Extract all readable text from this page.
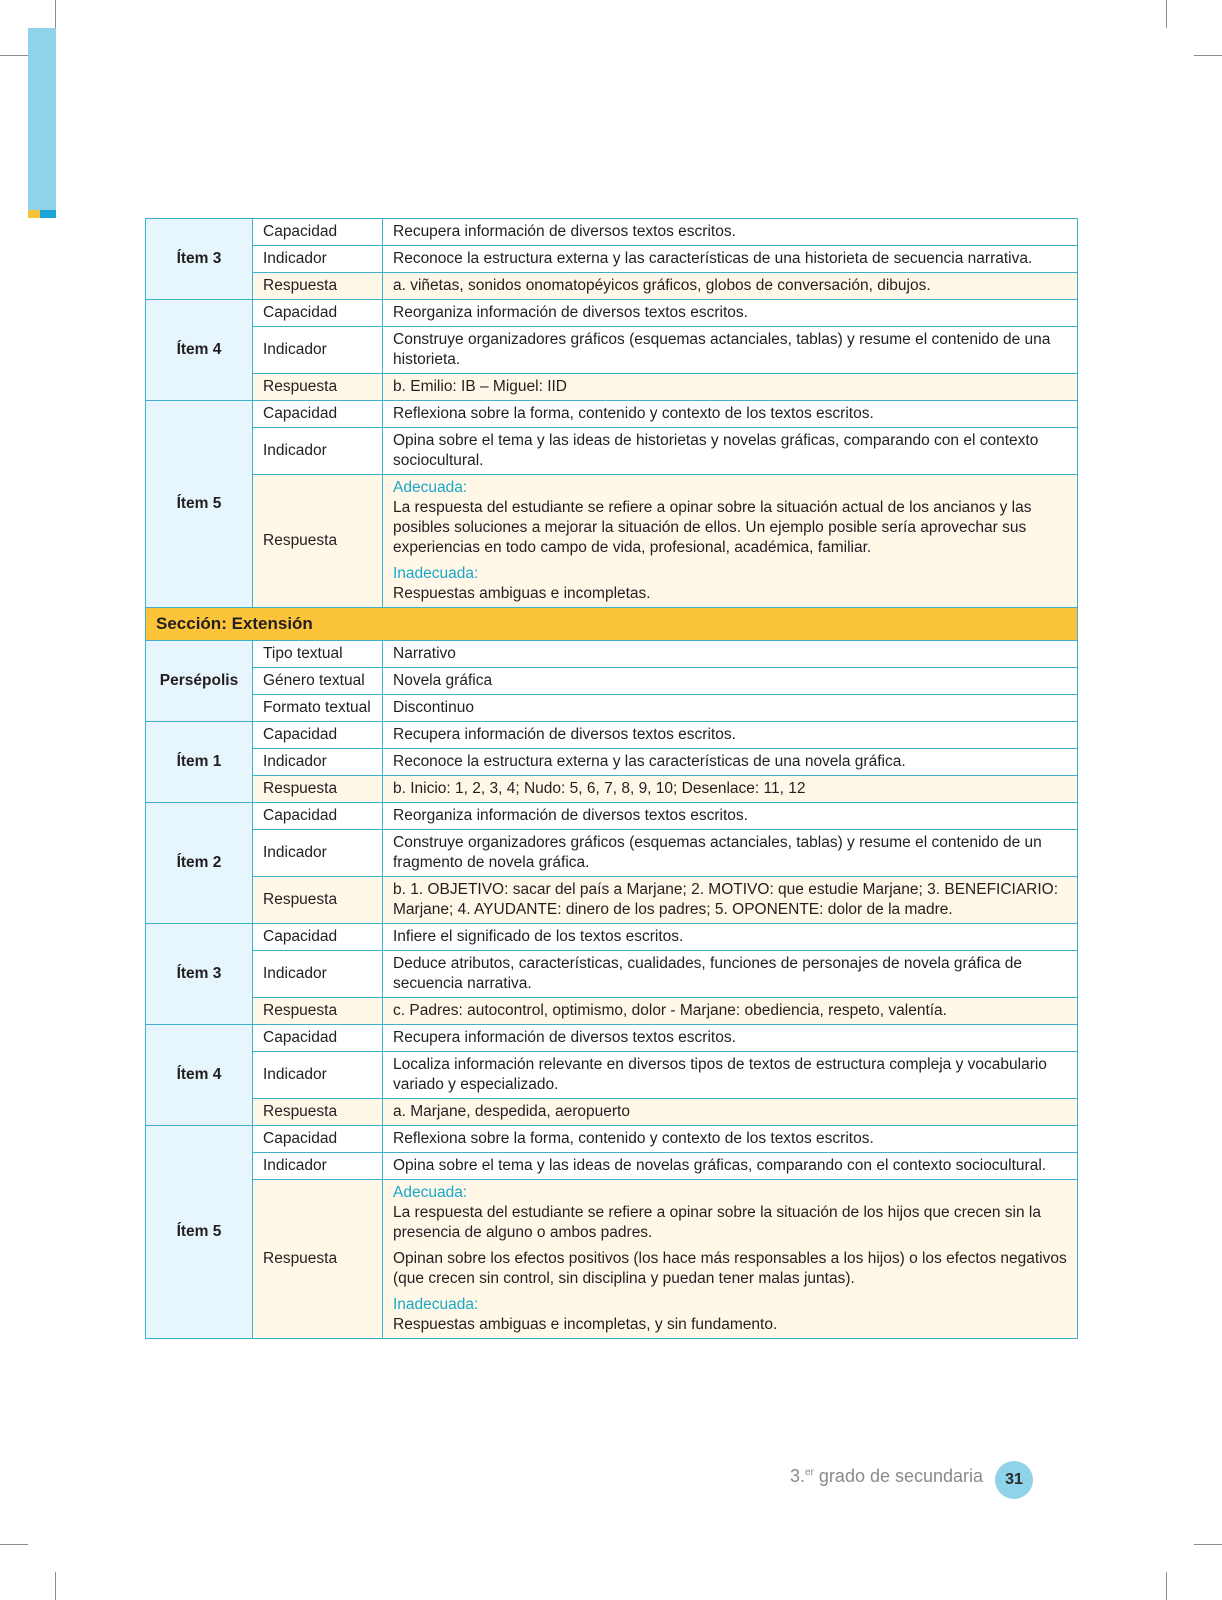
Ítem 3	Capacidad	Recupera información de diversos textos escritos.
	Indicador	Reconoce la estructura externa y las características de una historieta de secuencia narrativa.
	Respuesta	a. viñetas, sonidos onomatopéyicos gráficos, globos de conversación, dibujos.
Ítem 4	Capacidad	Reorganiza información de diversos textos escritos.
	Indicador	Construye organizadores gráficos (esquemas actanciales, tablas) y resume el contenido de una historieta.
	Respuesta	b. Emilio: IB – Miguel: IID
Ítem 5	Capacidad	Reflexiona sobre la forma, contenido y contexto de los textos escritos.
	Indicador	Opina sobre el tema y las ideas de historietas y novelas gráficas, comparando con el contexto sociocultural.
	Respuesta	Adecuada:
La respuesta del estudiante se refiere a opinar sobre la situación actual de los ancianos y las posibles soluciones a mejorar la situación de ellos. Un ejemplo posible sería aprovechar sus experiencias en todo campo de vida, profesional, académica, familiar.
Inadecuada:
Respuestas ambiguas e incompletas.

Sección: Extensión		
Persépolis	Tipo textual	Narrativo
	Género textual	Novela gráfica
	Formato textual	Discontinuo
Ítem 1	Capacidad	Recupera información de diversos textos escritos.
	Indicador	Reconoce la estructura externa y las características de una novela gráfica.
	Respuesta	b. Inicio: 1, 2, 3, 4; Nudo: 5, 6, 7, 8, 9, 10; Desenlace: 11, 12
Ítem 2	Capacidad	Reorganiza información de diversos textos escritos.
	Indicador	Construye organizadores gráficos (esquemas actanciales, tablas) y resume el contenido de un fragmento de novela gráfica.
	Respuesta	b. 1. OBJETIVO: sacar del país a Marjane; 2. MOTIVO: que estudie Marjane; 3. BENEFICIARIO: Marjane; 4. AYUDANTE: dinero de los padres; 5. OPONENTE: dolor de la madre.
Ítem 3	Capacidad	Infiere el significado de los textos escritos.
	Indicador	Deduce atributos, características, cualidades, funciones de personajes de novela gráfica de secuencia narrativa.
	Respuesta	c. Padres: autocontrol, optimismo, dolor - Marjane: obediencia, respeto, valentía.
Ítem 4	Capacidad	Recupera información de diversos textos escritos.
	Indicador	Localiza información relevante en diversos tipos de textos de estructura compleja y vocabulario variado y especializado.
	Respuesta	a. Marjane, despedida, aeropuerto
Ítem 5	Capacidad	Reflexiona sobre la forma, contenido y contexto de los textos escritos.
	Indicador	Opina sobre el tema y las ideas de novelas gráficas, comparando con el contexto sociocultural.
	Respuesta	Adecuada:
La respuesta del estudiante se refiere a opinar sobre la situación de los hijos que crecen sin la presencia de alguno o ambos padres.
Opinan sobre los efectos positivos (los hace más responsables a los hijos) o los efectos negativos (que crecen sin control, sin disciplina y puedan tener malas juntas).
Inadecuada:
Respuestas ambiguas e incompletas, y sin fundamento.
3.$^{er}$ grado de secundaria	31
